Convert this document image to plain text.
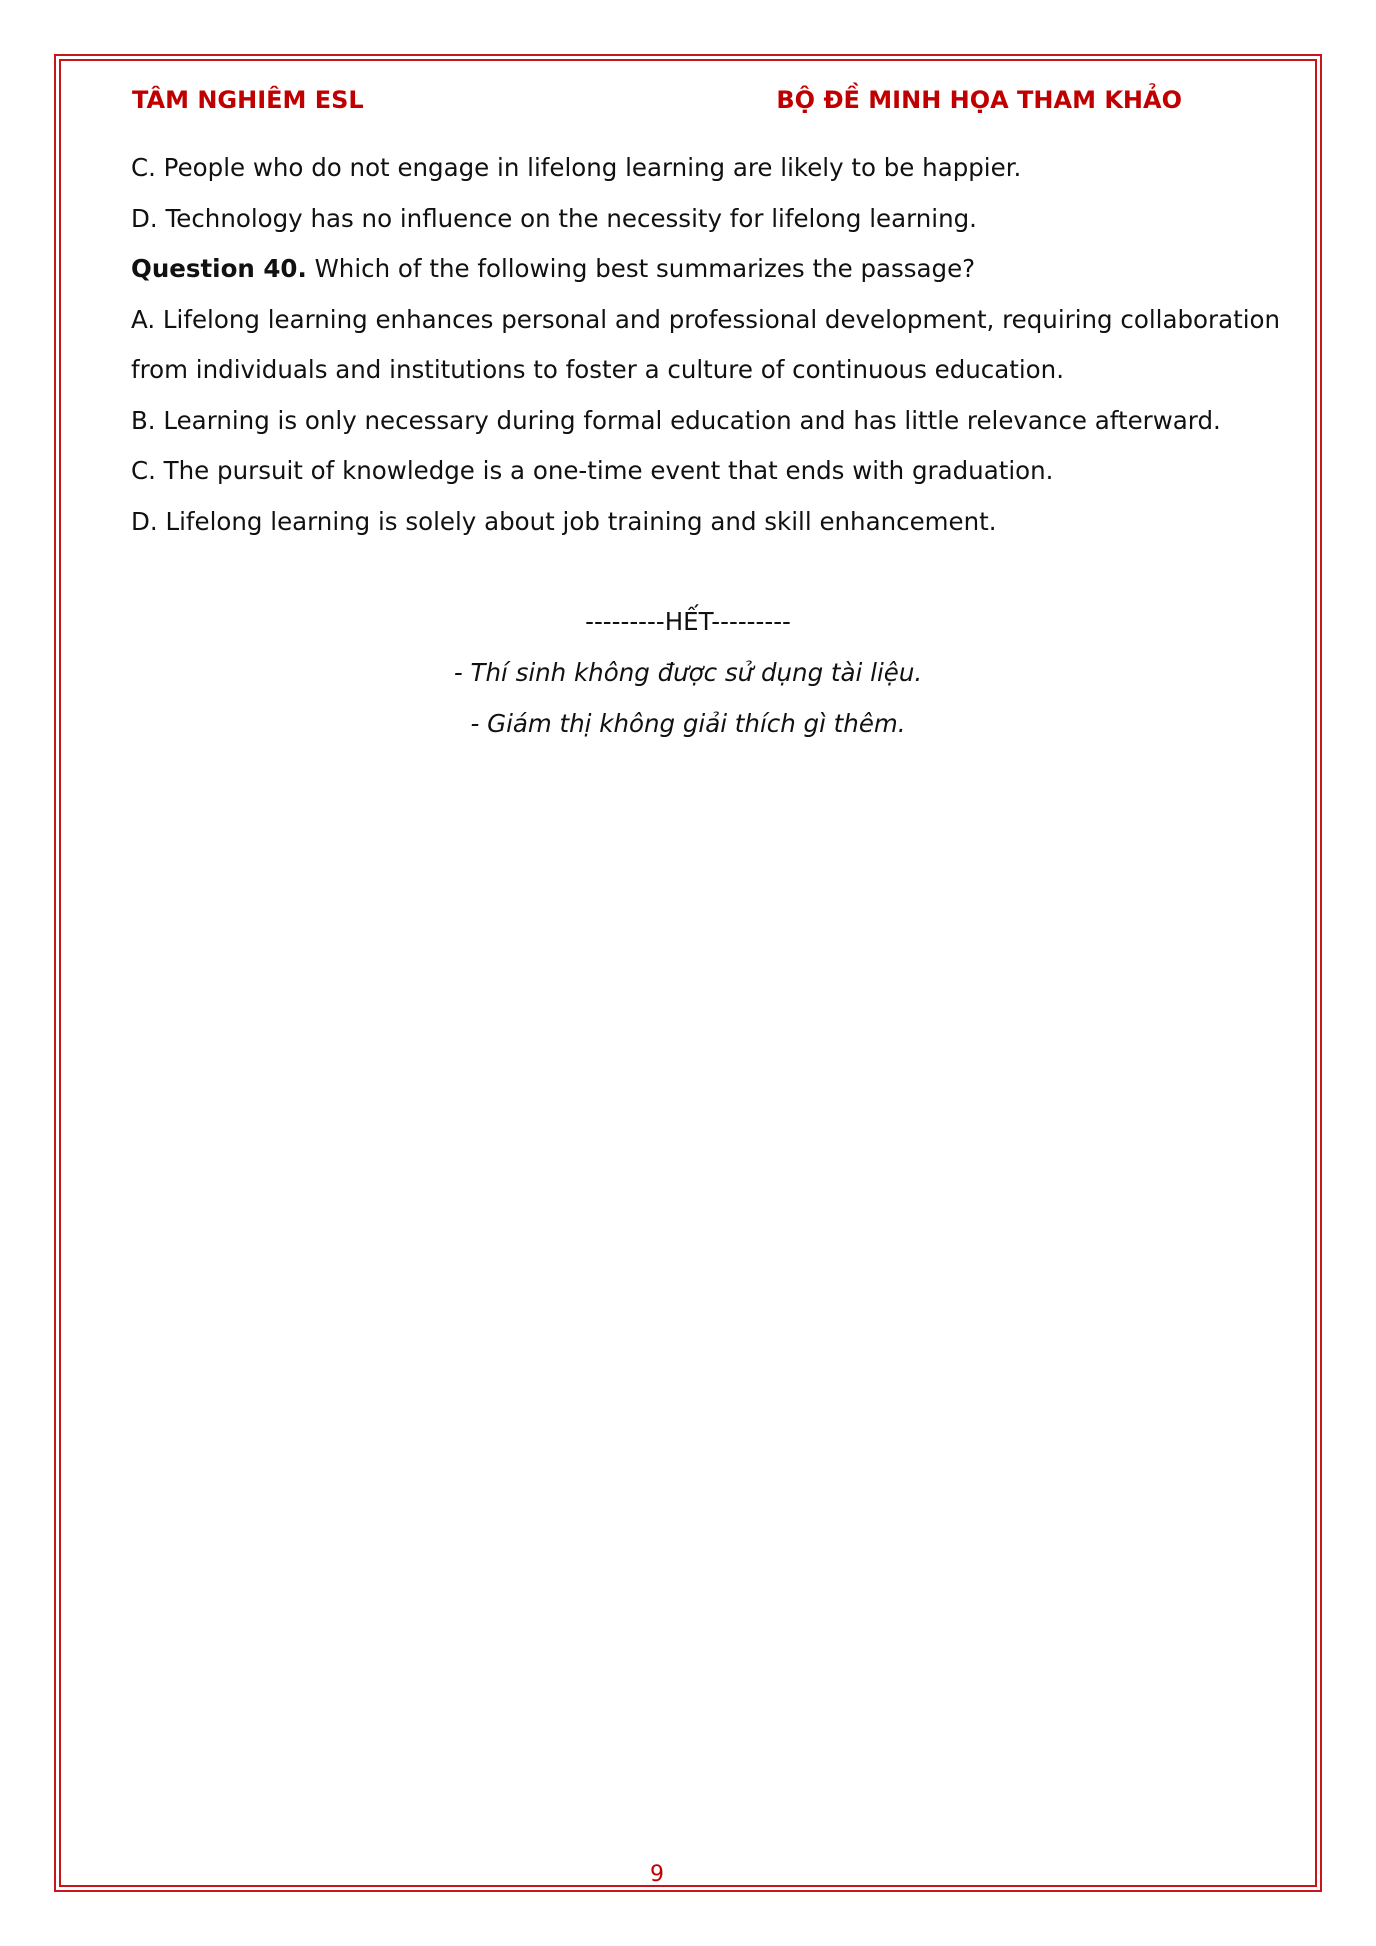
TÂM NGHIÊM ESL	BỘ ĐỀ MINH HỌA THAM KHẢO

C. People who do not engage in lifelong learning are likely to be happier.

D. Technology has no influence on the necessity for lifelong learning.

Question 40. Which of the following best summarizes the passage?

A. Lifelong learning enhances personal and professional development, requiring collaboration

from individuals and institutions to foster a culture of continuous education.

B. Learning is only necessary during formal education and has little relevance afterward.

C. The pursuit of knowledge is a one-time event that ends with graduation.

D. Lifelong learning is solely about job training and skill enhancement.

---------HẾT---------

- Thí sinh không được sử dụng tài liệu.

- Giám thị không giải thích gì thêm.

9
